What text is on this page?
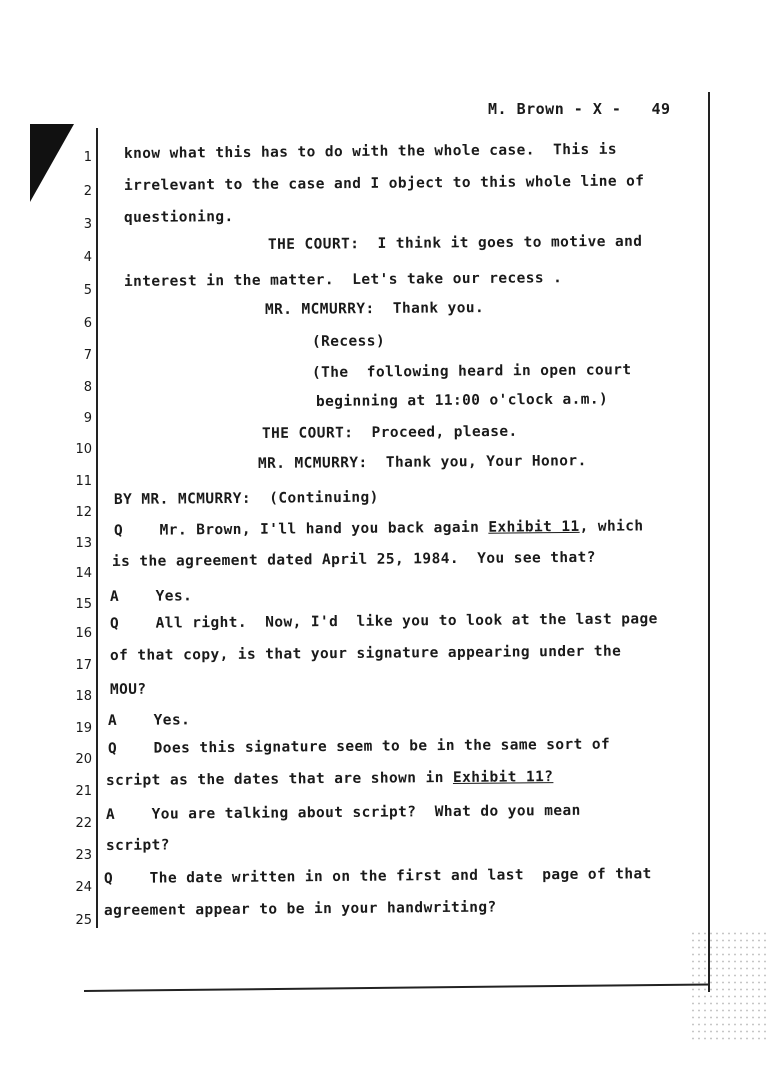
M. Brown - X - 49
1
2
3
4
5
6
7
8
9
10
11
12
13
14
15
16
17
18
19
20
21
22
23
24
25
know what this has to do with the whole case.  This is
irrelevant to the case and I object to this whole line of
questioning.
THE COURT:  I think it goes to motive and
interest in the matter.  Let's take our recess .
MR. MCMURRY:  Thank you.
(Recess)
(The  following heard in open court
beginning at 11:00 o'clock a.m.)
THE COURT:  Proceed, please.
MR. MCMURRY:  Thank you, Your Honor.
BY MR. MCMURRY:  (Continuing)
Q    Mr. Brown, I'll hand you back again Exhibit 11, which
is the agreement dated April 25, 1984.  You see that?
A    Yes.
Q    All right.  Now, I'd  like you to look at the last page
of that copy, is that your signature appearing under the
MOU?
A    Yes.
Q    Does this signature seem to be in the same sort of
script as the dates that are shown in Exhibit 11?
A    You are talking about script?  What do you mean
script?
Q    The date written in on the first and last  page of that
agreement appear to be in your handwriting?
